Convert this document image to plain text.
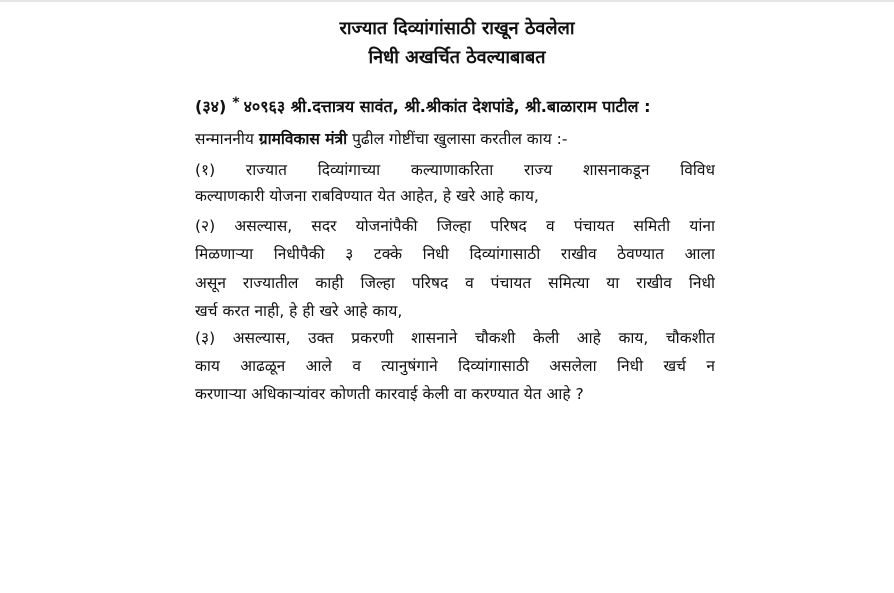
राज्यात दिव्यांगांसाठी राखून ठेवलेला
निधी अखर्चित ठेवल्याबाबत
(३४) * ४०९६३ श्री.दत्तात्रय सावंत, श्री.श्रीकांत देशपांडे, श्री.बाळाराम पाटील :
सन्माननीय ग्रामविकास मंत्री पुढील गोष्टींचा खुलासा करतील काय :-
(१) राज्यात दिव्यांगाच्या कल्याणाकरिता राज्य शासनाकडून विविध
कल्याणकारी योजना राबविण्यात येत आहेत, हे खरे आहे काय,
(२) असल्यास, सदर योजनांपैकी जिल्हा परिषद व पंचायत समिती यांना
मिळणाऱ्या निधीपैकी ३ टक्के निधी दिव्यांगासाठी राखीव ठेवण्यात आला
असून राज्यातील काही जिल्हा परिषद व पंचायत समित्या या राखीव निधी
खर्च करत नाही, हे ही खरे आहे काय,
(३) असल्यास, उक्त प्रकरणी शासनाने चौकशी केली आहे काय, चौकशीत
काय आढळून आले व त्यानुषंगाने दिव्यांगासाठी असलेला निधी खर्च न
करणाऱ्या अधिकाऱ्यांवर कोणती कारवाई केली वा करण्यात येत आहे ?
